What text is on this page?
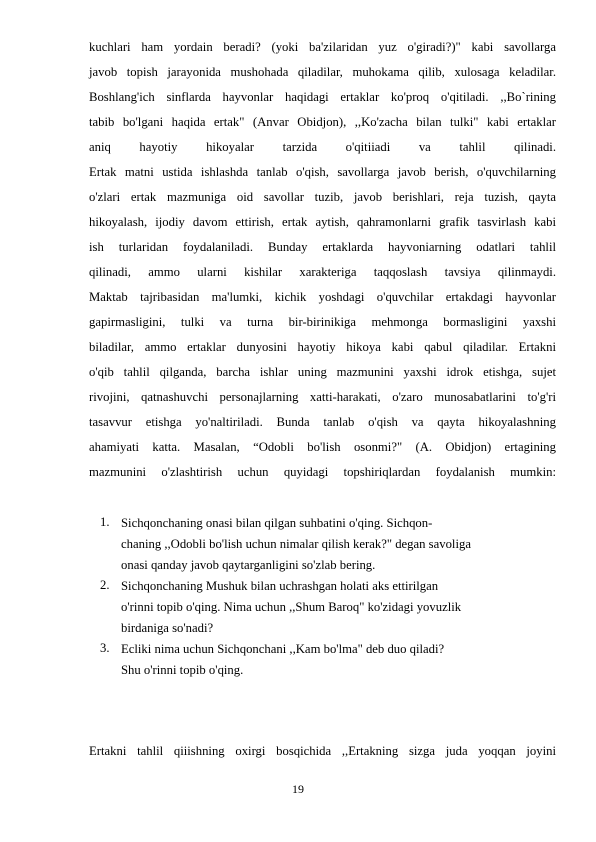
kuchlari ham yordain beradi? (yoki ba'zilaridan yuz o'giradi?)" kabi savollarga
javob topish jarayonida mushohada qiladilar, muhokama qilib, xulosaga keladilar.
Boshlang'ich sinflarda hayvonlar haqidagi ertaklar ko'proq o'qitiladi. ,,Bo`rining
tabib bo'lgani haqida ertak" (Anvar Obidjon), ,,Ko'zacha bilan tulki" kabi ertaklar
aniq hayotiy hikoyalar tarzida o'qitiiadi va tahlil qilinadi.
Ertak matni ustida ishlashda tanlab o'qish, savollarga javob berish, o'quvchilarning
o'zlari ertak mazmuniga oid savollar tuzib, javob berishlari, reja tuzish, qayta
hikoyalash, ijodiy davom ettirish, ertak aytish, qahramonlarni grafik tasvirlash kabi
ish turlaridan foydalaniladi. Bunday ertaklarda hayvoniarning odatlari tahlil
qilinadi, ammo ularni kishilar xarakteriga taqqoslash tavsiya qilinmaydi.
Maktab tajribasidan ma'lumki, kichik yoshdagi o'quvchilar ertakdagi hayvonlar
gapirmasligini, tulki va turna bir-birinikiga mehmonga bormasligini yaxshi
biladilar, ammo ertaklar dunyosini hayotiy hikoya kabi qabul qiladilar. Ertakni
o'qib tahlil qilganda, barcha ishlar uning mazmunini yaxshi idrok etishga, sujet
rivojini, qatnashuvchi personajlarning xatti-harakati, o'zaro munosabatlarini to'g'ri
tasavvur etishga yo'naltiriladi. Bunda tanlab o'qish va qayta hikoyalashning
ahamiyati katta. Masalan, “Odobli bo'lish osonmi?" (A. Obidjon) ertagining
mazmunini o'zlashtirish uchun quyidagi topshiriqlardan foydalanish mumkin:
1. Sichqonchaning onasi bilan qilgan suhbatini o'qing. Sichqon-
chaning ,,Odobli bo'lish uchun nimalar qilish kerak?" degan savoliga
onasi qanday javob qaytarganligini so'zlab bering.
2. Sichqonchaning Mushuk bilan uchrashgan holati aks ettirilgan
o'rinni topib o'qing. Nima uchun ,,Shum Baroq" ko'zidagi yovuzlik
birdaniga so'nadi?
3. Ecliki nima uchun Sichqonchani ,,Kam bo'lma" deb duo qiladi?
Shu o'rinni topib o'qing.
Ertakni tahlil qiiishning oxirgi bosqichida ,,Ertakning sizga juda yoqqan joyini
19
